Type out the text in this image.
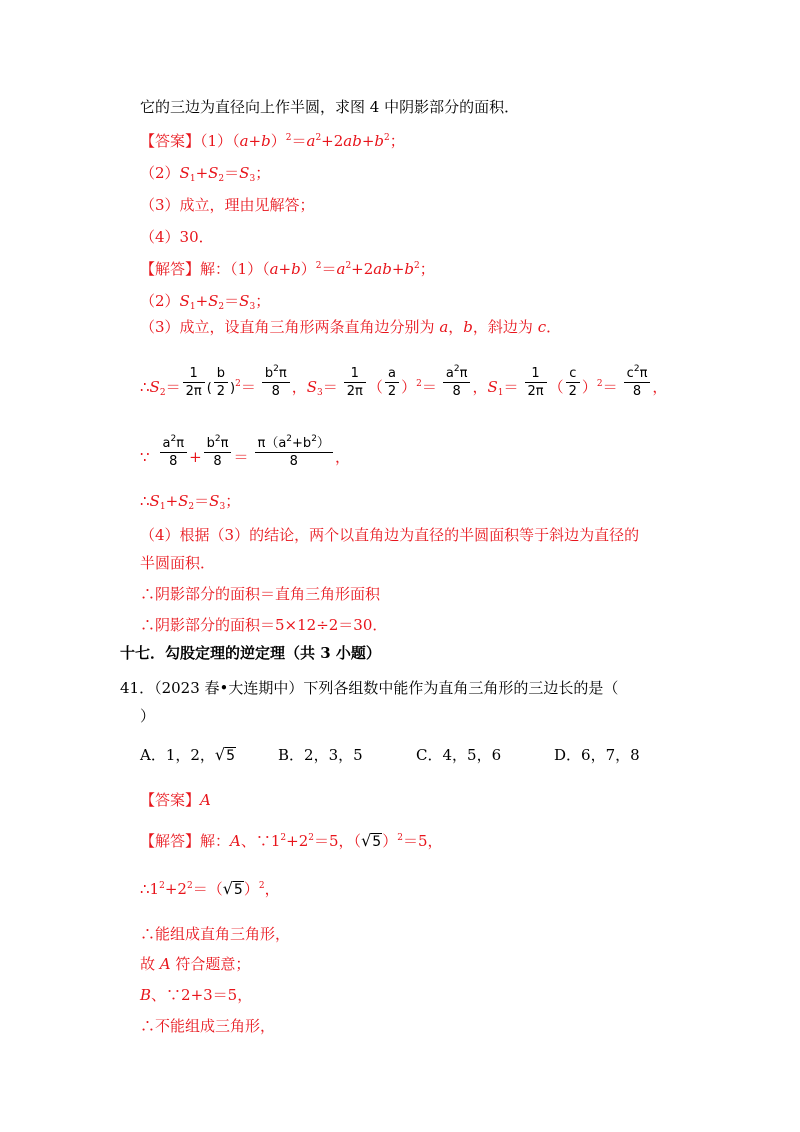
它的三边为直径向上作半圆，求图 4 中阴影部分的面积．
【答案】$(1)(a+b)^2=a^2+2ab+b^2$；
$(2)S_1+S_2=S_3$；
（3）成立，理由见解答；
（4）30．
【解答】解：$(1)(a+b)^2=a^2+2ab+b^2$；
$(2)S_1+S_2=S_3$；
（3）成立，设直角三角形两条直角边分别为 a，b，斜边为 c．
$\therefore S_2= \frac{1}{2\pi}$ ( $\frac{b}{2} )^2= \frac{b^2\pi}{8}$ ，$S_3= \frac{1}{2\pi}$ （ $\frac{a}{2} )^2= \frac{a^2\pi}{8}$ ，$S_1= \frac{1}{2\pi}$ （ $\frac{c}{2} )^2= \frac{c^2\pi}{8}$ ，
∵ $\frac{a^2\pi}{8} + \frac{b^2\pi}{8} = \frac{\pi(a^2+b^2)}{8}$ ，
$\therefore S_1+S_2=S_3$；
（4）根据（3）的结论，两个以直角边为直径的半圆面积等于斜边为直径的
半圆面积．
∴阴影部分的面积＝直角三角形面积
∴阴影部分的面积＝5×12÷2＝30．
十七．勾股定理的逆定理（共 3 小题）
41．（2023 春•大连期中）下列各组数中能作为直角三角形的三边长的是（
）
A．1，2，√5	B．2，3，5	C．4，5，6	D．6，7，8
【答案】A
【解答】解：A、$\because 1^2+2^2=5$，$(√5)^2=5$，
$\therefore 1^2+2^2=(√5)^2$，
∴能组成直角三角形，
故 A 符合题意；
B、∵2+3＝5，
∴不能组成三角形，
